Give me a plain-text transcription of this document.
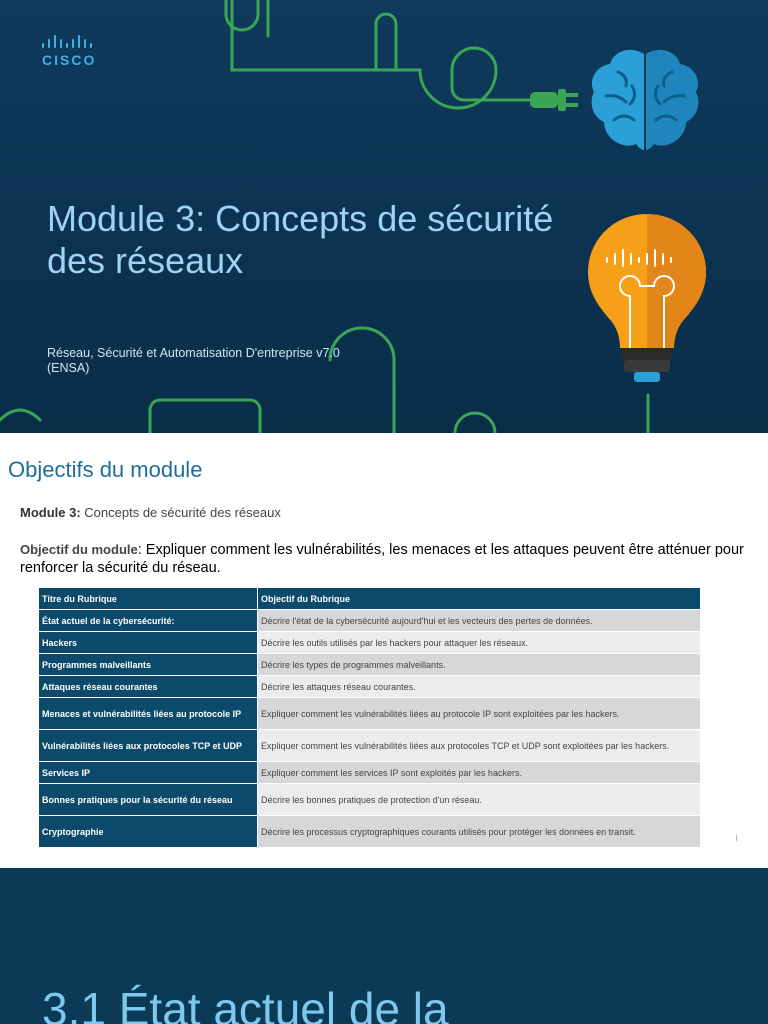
CISCO
Module 3: Concepts de sécurité des réseaux
Réseau, Sécurité et Automatisation D'entreprise v7.0
(ENSA)
Objectifs du module
Module 3: Concepts de sécurité des réseaux
Objectif du module: Expliquer comment les vulnérabilités, les menaces et les attaques peuvent être atténuer pour renforcer la sécurité du réseau.
Titre du Rubrique	Objectif du Rubrique
État actuel de la cybersécurité:	Décrire l'état de la cybersécurité aujourd'hui et les vecteurs des pertes de données.
Hackers	Décrire les outils utilisés par les hackers pour attaquer les réseaux.
Programmes malveillants	Décrire les types de programmes malveillants.
Attaques réseau courantes	Décrire les attaques réseau courantes.
Menaces et vulnérabilités liées au protocole IP	Expliquer comment les vulnérabilités liées au protocole IP sont exploitées par les hackers.
Vulnérabilités liées aux protocoles TCP et UDP	Expliquer comment les vulnérabilités liées aux protocoles TCP et UDP sont exploitées par les hackers.
Services IP	Expliquer comment les services IP sont exploités par les hackers.
Bonnes pratiques pour la sécurité du réseau	Décrire les bonnes pratiques de protection d'un réseau.
Cryptographie	Décrire les processus cryptographiques courants utilisés pour protéger les données en transit.
3.1 État actuel de la
